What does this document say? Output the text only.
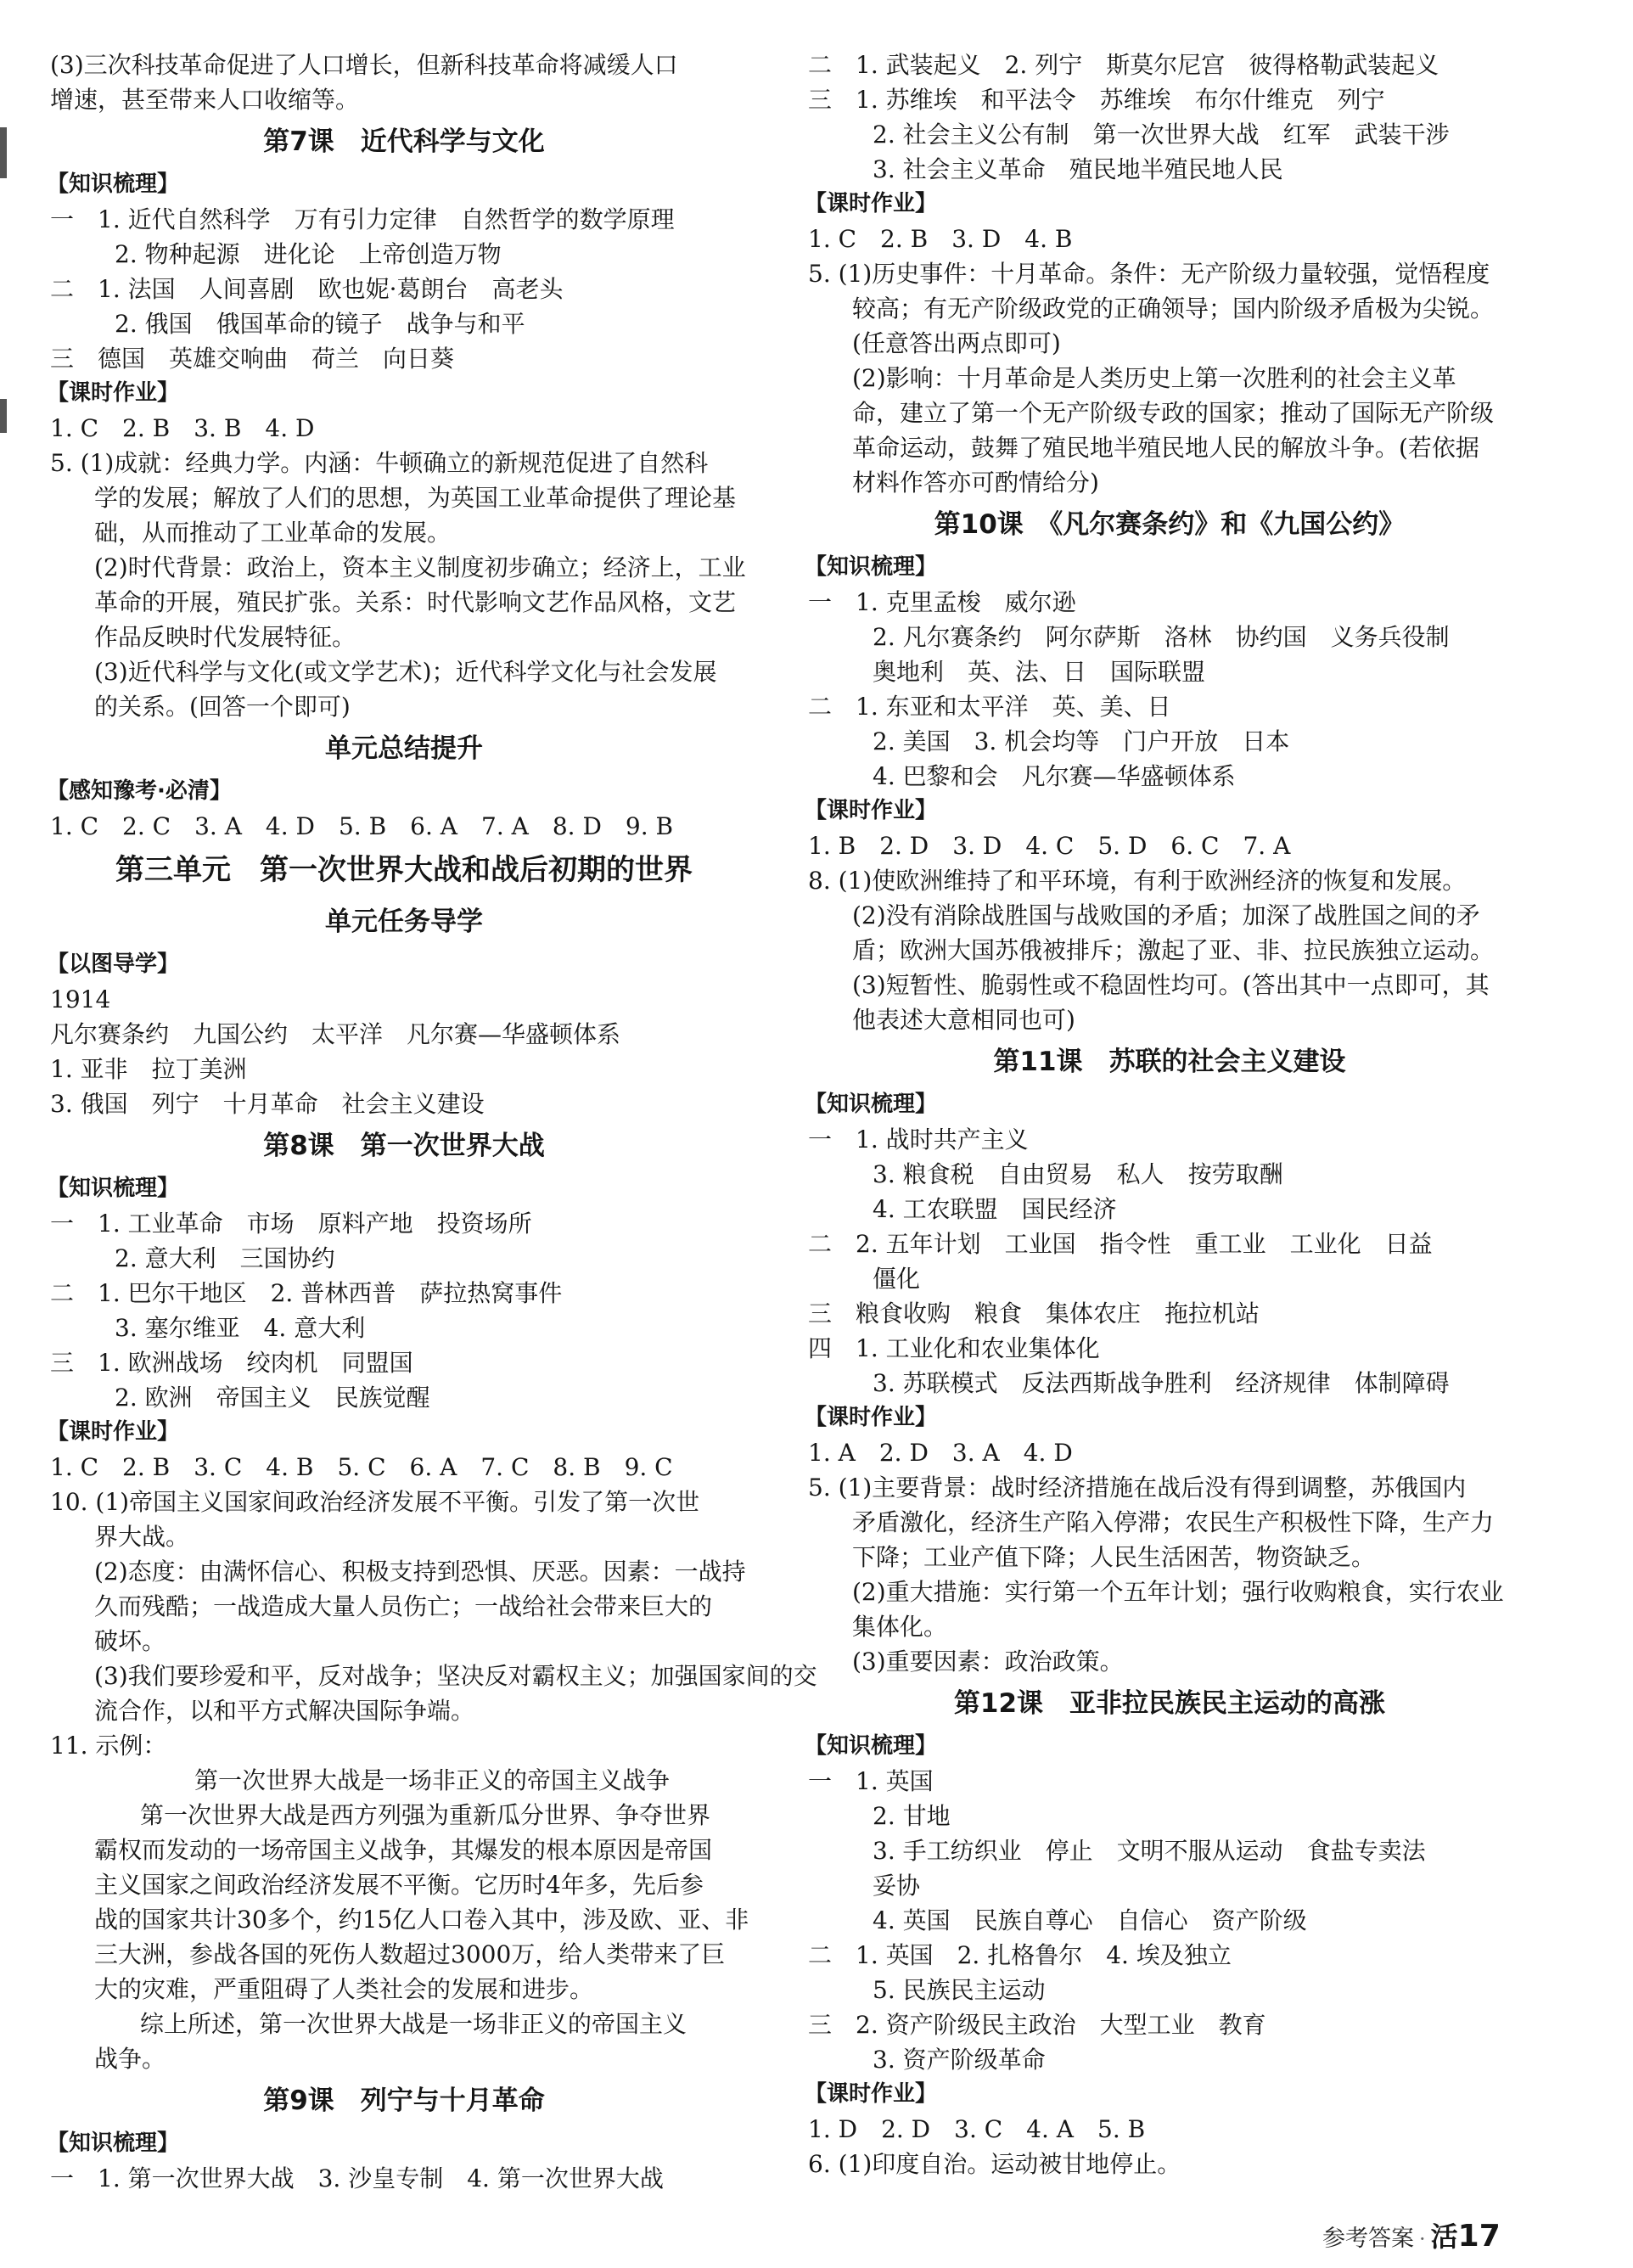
(3)三次科技革命促进了人口增长，但新科技革命将减缓人口
增速，甚至带来人口收缩等。
第7课　近代科学与文化
【知识梳理】
一　1. 近代自然科学　万有引力定律　自然哲学的数学原理
2. 物种起源　进化论　上帝创造万物
二　1. 法国　人间喜剧　欧也妮·葛朗台　高老头
2. 俄国　俄国革命的镜子　战争与和平
三　德国　英雄交响曲　荷兰　向日葵
【课时作业】
1. C　2. B　3. B　4. D
5. (1)成就：经典力学。内涵：牛顿确立的新规范促进了自然科
学的发展；解放了人们的思想，为英国工业革命提供了理论基
础，从而推动了工业革命的发展。
(2)时代背景：政治上，资本主义制度初步确立；经济上，工业
革命的开展，殖民扩张。关系：时代影响文艺作品风格，文艺
作品反映时代发展特征。
(3)近代科学与文化(或文学艺术)；近代科学文化与社会发展
的关系。(回答一个即可)
单元总结提升
【感知豫考·必清】
1. C　2. C　3. A　4. D　5. B　6. A　7. A　8. D　9. B
第三单元　第一次世界大战和战后初期的世界
单元任务导学
【以图导学】
1914
凡尔赛条约　九国公约　太平洋　凡尔赛—华盛顿体系
1. 亚非　拉丁美洲
3. 俄国　列宁　十月革命　社会主义建设
第8课　第一次世界大战
【知识梳理】
一　1. 工业革命　市场　原料产地　投资场所
2. 意大利　三国协约
二　1. 巴尔干地区　2. 普林西普　萨拉热窝事件
3. 塞尔维亚　4. 意大利
三　1. 欧洲战场　绞肉机　同盟国
2. 欧洲　帝国主义　民族觉醒
【课时作业】
1. C　2. B　3. C　4. B　5. C　6. A　7. C　8. B　9. C
10. (1)帝国主义国家间政治经济发展不平衡。引发了第一次世
界大战。
(2)态度：由满怀信心、积极支持到恐惧、厌恶。因素：一战持
久而残酷；一战造成大量人员伤亡；一战给社会带来巨大的
破坏。
(3)我们要珍爱和平，反对战争；坚决反对霸权主义；加强国家间的交
流合作，以和平方式解决国际争端。
11. 示例：
第一次世界大战是一场非正义的帝国主义战争
第一次世界大战是西方列强为重新瓜分世界、争夺世界
霸权而发动的一场帝国主义战争，其爆发的根本原因是帝国
主义国家之间政治经济发展不平衡。它历时4年多，先后参
战的国家共计30多个，约15亿人口卷入其中，涉及欧、亚、非
三大洲，参战各国的死伤人数超过3000万，给人类带来了巨
大的灾难，严重阻碍了人类社会的发展和进步。
综上所述，第一次世界大战是一场非正义的帝国主义
战争。
第9课　列宁与十月革命
【知识梳理】
一　1. 第一次世界大战　3. 沙皇专制　4. 第一次世界大战
二　1. 武装起义　2. 列宁　斯莫尔尼宫　彼得格勒武装起义
三　1. 苏维埃　和平法令　苏维埃　布尔什维克　列宁
2. 社会主义公有制　第一次世界大战　红军　武装干涉
3. 社会主义革命　殖民地半殖民地人民
【课时作业】
1. C　2. B　3. D　4. B
5. (1)历史事件：十月革命。条件：无产阶级力量较强，觉悟程度
较高；有无产阶级政党的正确领导；国内阶级矛盾极为尖锐。
(任意答出两点即可)
(2)影响：十月革命是人类历史上第一次胜利的社会主义革
命，建立了第一个无产阶级专政的国家；推动了国际无产阶级
革命运动，鼓舞了殖民地半殖民地人民的解放斗争。(若依据
材料作答亦可酌情给分)
第10课　《凡尔赛条约》和《九国公约》
【知识梳理】
一　1. 克里孟梭　威尔逊
2. 凡尔赛条约　阿尔萨斯　洛林　协约国　义务兵役制
奥地利　英、法、日　国际联盟
二　1. 东亚和太平洋　英、美、日
2. 美国　3. 机会均等　门户开放　日本
4. 巴黎和会　凡尔赛—华盛顿体系
【课时作业】
1. B　2. D　3. D　4. C　5. D　6. C　7. A
8. (1)使欧洲维持了和平环境，有利于欧洲经济的恢复和发展。
(2)没有消除战胜国与战败国的矛盾；加深了战胜国之间的矛
盾；欧洲大国苏俄被排斥；激起了亚、非、拉民族独立运动。
(3)短暂性、脆弱性或不稳固性均可。(答出其中一点即可，其
他表述大意相同也可)
第11课　苏联的社会主义建设
【知识梳理】
一　1. 战时共产主义
3. 粮食税　自由贸易　私人　按劳取酬
4. 工农联盟　国民经济
二　2. 五年计划　工业国　指令性　重工业　工业化　日益
僵化
三　粮食收购　粮食　集体农庄　拖拉机站
四　1. 工业化和农业集体化
3. 苏联模式　反法西斯战争胜利　经济规律　体制障碍
【课时作业】
1. A　2. D　3. A　4. D
5. (1)主要背景：战时经济措施在战后没有得到调整，苏俄国内
矛盾激化，经济生产陷入停滞；农民生产积极性下降，生产力
下降；工业产值下降；人民生活困苦，物资缺乏。
(2)重大措施：实行第一个五年计划；强行收购粮食，实行农业
集体化。
(3)重要因素：政治政策。
第12课　亚非拉民族民主运动的高涨
【知识梳理】
一　1. 英国
2. 甘地
3. 手工纺织业　停止　文明不服从运动　食盐专卖法
妥协
4. 英国　民族自尊心　自信心　资产阶级
二　1. 英国　2. 扎格鲁尔　4. 埃及独立
5. 民族民主运动
三　2. 资产阶级民主政治　大型工业　教育
3. 资产阶级革命
【课时作业】
1. D　2. D　3. C　4. A　5. B
6. (1)印度自治。运动被甘地停止。
参考答案 · 活17
